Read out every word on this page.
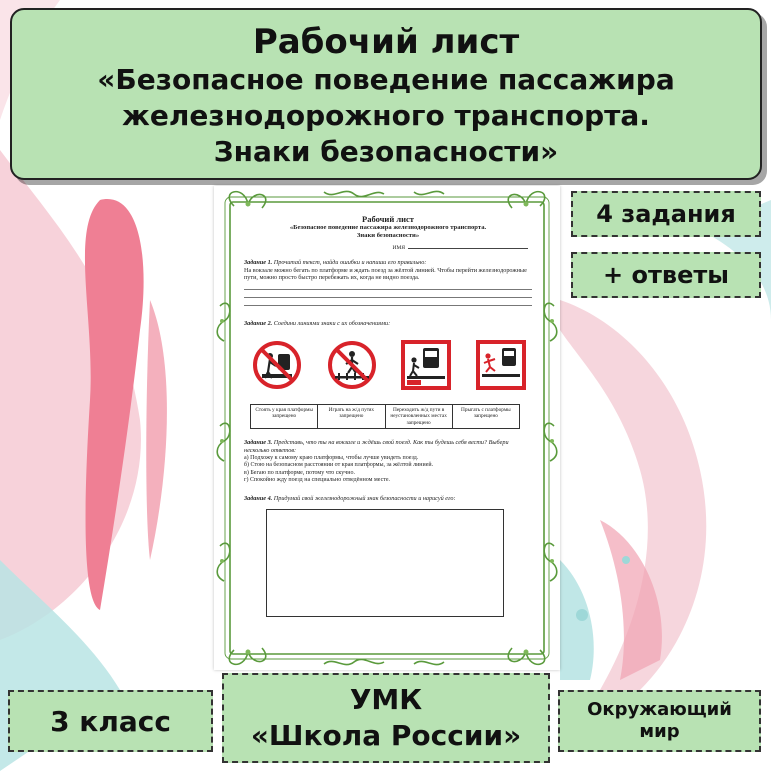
Рабочий лист
«Безопасное поведение пассажира
железнодорожного транспорта.
Знаки безопасности»
4 задания
+ ответы
Рабочий лист
«Безопасное поведение пассажира железнодорожного транспорта.
Знаки безопасности»
ИМЯ
Задание 1. Прочитай текст, найди ошибки и напиши его правильно:
На вокзале можно бегать по платформе и ждать поезд за жёлтой линией. Чтобы перейти железнодорожные пути, можно просто быстро перебежать их, когда не видно поезда.
Задание 2. Соедини линиями знаки с их обозначениями:
Стоять у края платформы запрещено
Играть на ж/д путях запрещено
Переходить ж/д пути в неустановленных местах запрещено
Прыгать с платформы запрещено
Задание 3. Представь, что ты на вокзале и ждёшь свой поезд. Как ты будешь себя вести? Выбери несколько ответов:
а) Подхожу к самому краю платформы, чтобы лучше увидеть поезд.
б) Стою на безопасном расстоянии от края платформы, за жёлтой линией.
в) Бегаю по платформе, потому что скучно.
г) Спокойно жду поезд на специально отведённом месте.
Задание 4. Придумай свой железнодорожный знак безопасности и нарисуй его:
3 класс
УМК
«Школа России»
Окружающий
мир
